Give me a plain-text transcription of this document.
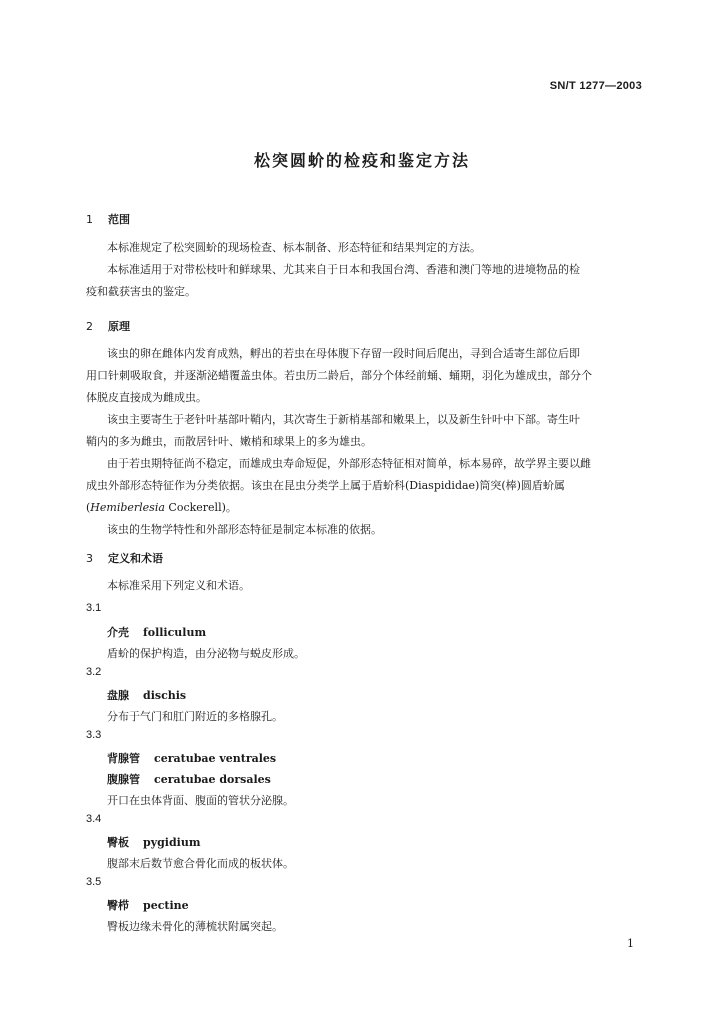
SN/T 1277—2003
松突圆蚧的检疫和鉴定方法
1 范围
本标准规定了松突圆蚧的现场检查、标本制备、形态特征和结果判定的方法。
本标准适用于对带松枝叶和鲜球果、尤其来自于日本和我国台湾、香港和澳门等地的进境物品的检
疫和截获害虫的鉴定。
2 原理
该虫的卵在雌体内发育成熟，孵出的若虫在母体腹下存留一段时间后爬出，寻到合适寄生部位后即
用口针刺吸取食，并逐渐泌蜡覆盖虫体。若虫历二龄后，部分个体经前蛹、蛹期，羽化为雄成虫，部分个
体脱皮直接成为雌成虫。
该虫主要寄生于老针叶基部叶鞘内，其次寄生于新梢基部和嫩果上，以及新生针叶中下部。寄生叶
鞘内的多为雌虫，而散居针叶、嫩梢和球果上的多为雄虫。
由于若虫期特征尚不稳定，而雄成虫寿命短促，外部形态特征相对简单，标本易碎，故学界主要以雌
成虫外部形态特征作为分类依据。该虫在昆虫分类学上属于盾蚧科(Diaspididae)筒突(棒)圆盾蚧属
(Hemiberlesia Cockerell)。
该虫的生物学特性和外部形态特征是制定本标准的依据。
3 定义和术语
本标准采用下列定义和术语。
3.1
介壳 folliculum
盾蚧的保护构造，由分泌物与蜕皮形成。
3.2
盘腺 dischis
分布于气门和肛门附近的多格腺孔。
3.3
背腺管 ceratubae ventrales
腹腺管 ceratubae dorsales
开口在虫体背面、腹面的管状分泌腺。
3.4
臀板 pygidium
腹部末后数节愈合骨化而成的板状体。
3.5
臀栉 pectine
臀板边缘未骨化的薄梳状附属突起。
1
